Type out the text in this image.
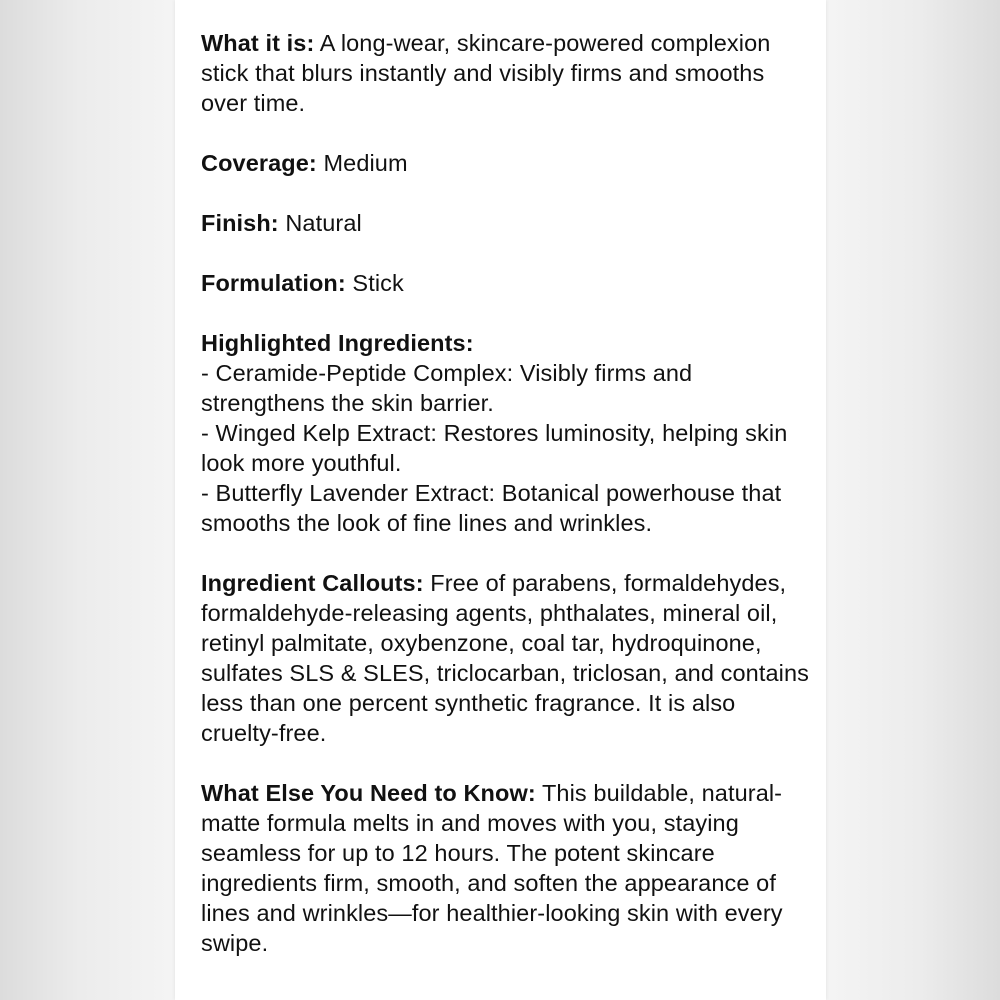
What it is: A long-wear, skincare-powered complexion stick that blurs instantly and visibly firms and smooths over time.
Coverage: Medium
Finish: Natural
Formulation: Stick
Highlighted Ingredients:
- Ceramide-Peptide Complex: Visibly firms and strengthens the skin barrier.
- Winged Kelp Extract: Restores luminosity, helping skin look more youthful.
- Butterfly Lavender Extract: Botanical powerhouse that smooths the look of fine lines and wrinkles.
Ingredient Callouts: Free of parabens, formaldehydes, formaldehyde-releasing agents, phthalates, mineral oil, retinyl palmitate, oxybenzone, coal tar, hydroquinone, sulfates SLS & SLES, triclocarban, triclosan, and contains less than one percent synthetic fragrance. It is also cruelty-free.
What Else You Need to Know: This buildable, natural-matte formula melts in and moves with you, staying seamless for up to 12 hours. The potent skincare ingredients firm, smooth, and soften the appearance of lines and wrinkles—for healthier-looking skin with every swipe.
